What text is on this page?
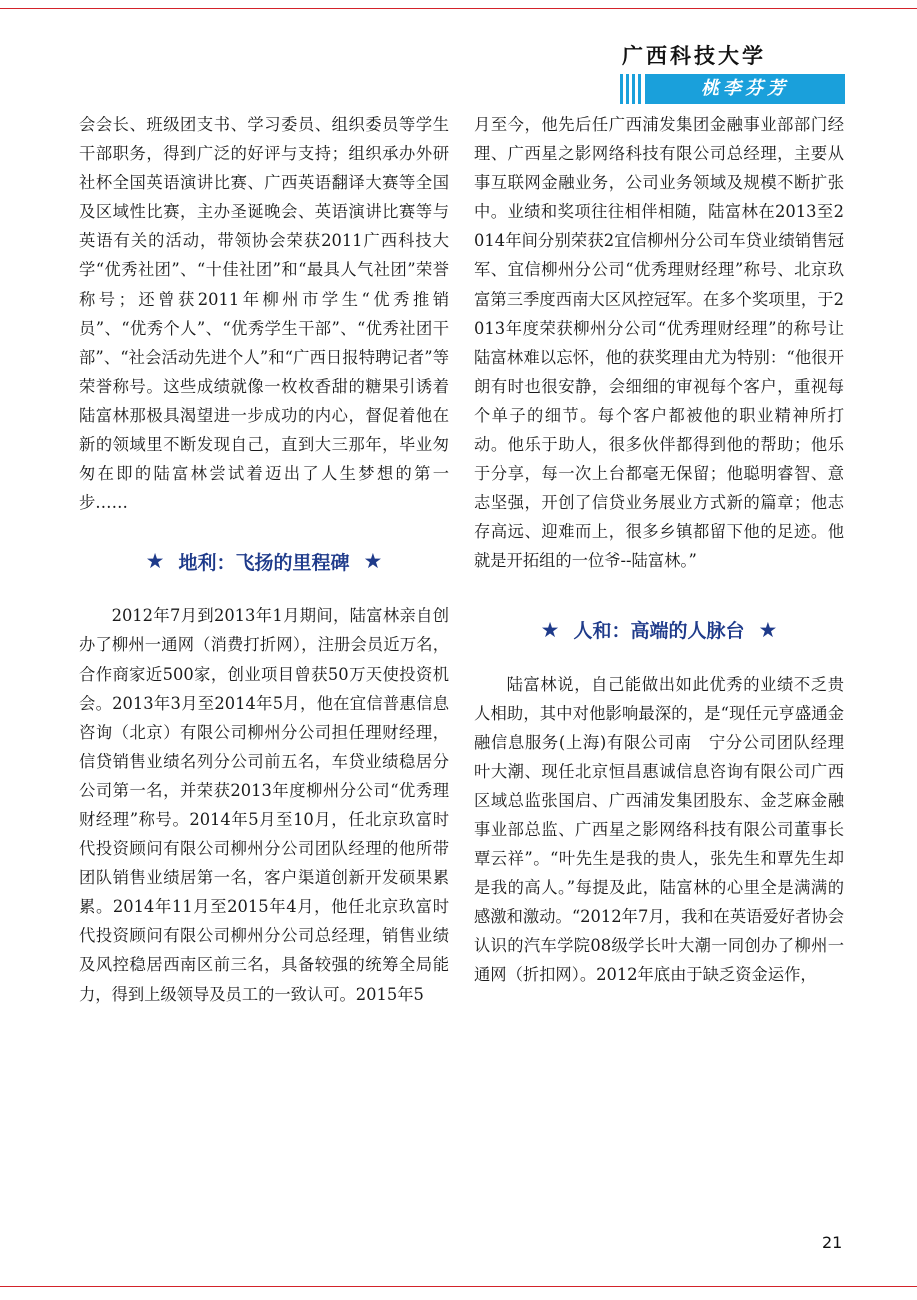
广西科技大学
桃李芬芳

会会长、班级团支书、学习委员、组织委员等学生干部职务，得到广泛的好评与支持；组织承办外研社杯全国英语演讲比赛、广西英语翻译大赛等全国及区域性比赛，主办圣诞晚会、英语演讲比赛等与英语有关的活动，带领协会荣获2011广西科技大学“优秀社团”、“十佳社团”和“最具人气社团”荣誉称号；还曾获2011年柳州市学生“优秀推销员”、“优秀个人”、“优秀学生干部”、“优秀社团干部”、“社会活动先进个人”和“广西日报特聘记者”等荣誉称号。这些成绩就像一枚枚香甜的糖果引诱着陆富林那极具渴望进一步成功的内心，督促着他在新的领域里不断发现自己，直到大三那年，毕业匆匆在即的陆富林尝试着迈出了人生梦想的第一步……

★ 地利：飞扬的里程碑 ★

2012年7月到2013年1月期间，陆富林亲自创办了柳州一通网（消费打折网），注册会员近万名，合作商家近500家，创业项目曾获50万天使投资机会。2013年3月至2014年5月，他在宜信普惠信息咨询（北京）有限公司柳州分公司担任理财经理，信贷销售业绩名列分公司前五名，车贷业绩稳居分公司第一名，并荣获2013年度柳州分公司“优秀理财经理”称号。2014年5月至10月，任北京玖富时代投资顾问有限公司柳州分公司团队经理的他所带团队销售业绩居第一名，客户渠道创新开发硕果累累。2014年11月至2015年4月，他任北京玖富时代投资顾问有限公司柳州分公司总经理，销售业绩及风控稳居西南区前三名，具备较强的统筹全局能力，得到上级领导及员工的一致认可。2015年5

月至今，他先后任广西浦发集团金融事业部部门经理、广西星之影网络科技有限公司总经理，主要从事互联网金融业务，公司业务领域及规模不断扩张中。业绩和奖项往往相伴相随，陆富林在2013至2014年间分别荣获2宜信柳州分公司车贷业绩销售冠军、宜信柳州分公司“优秀理财经理”称号、北京玖富第三季度西南大区风控冠军。在多个奖项里，于2013年度荣获柳州分公司“优秀理财经理”的称号让陆富林难以忘怀，他的获奖理由尤为特别：“他很开朗有时也很安静，会细细的审视每个客户，重视每个单子的细节。每个客户都被他的职业精神所打动。他乐于助人，很多伙伴都得到他的帮助；他乐于分享，每一次上台都毫无保留；他聪明睿智、意志坚强，开创了信贷业务展业方式新的篇章；他志存高远、迎难而上，很多乡镇都留下他的足迹。他就是开拓组的一位爷--陆富林。”

★ 人和：高端的人脉台 ★

陆富林说，自己能做出如此优秀的业绩不乏贵人相助，其中对他影响最深的，是“现任元亨盛通金融信息服务(上海)有限公司南　宁分公司团队经理叶大潮、现任北京恒昌惠诚信息咨询有限公司广西区域总监张国启、广西浦发集团股东、金芝麻金融事业部总监、广西星之影网络科技有限公司董事长覃云祥”。“叶先生是我的贵人，张先生和覃先生却是我的高人。”每提及此，陆富林的心里全是满满的感激和激动。“2012年7月，我和在英语爱好者协会认识的汽车学院08级学长叶大潮一同创办了柳州一通网（折扣网）。2012年底由于缺乏资金运作，

21
